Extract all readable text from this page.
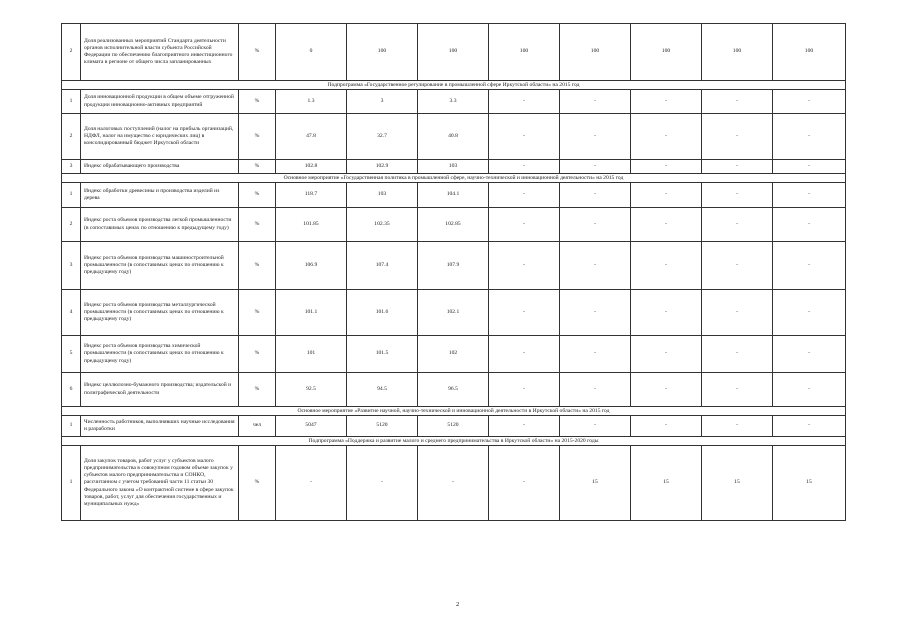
2	Доля реализованных мероприятий Стандарта деятельности органов исполнительной власти субъекта Российской Федерации по обеспечению благоприятного инвестиционного климата в регионе от общего числа запланированных	%	0	100	100	100	100	100	100	100
Подпрограмма «Государственное регулирование в промышленной сфере Иркутской области» на 2015 год										
1	Доля инновационной продукции в общем объеме отгруженной продукции инновационно-активных предприятий	%	1.3	3	3.3	-	-	-	-	-
2	Доля налоговых поступлений (налог на прибыль организаций, НДФЛ, налог на имущество с юридических лиц) в консолидированный бюджет Иркутской области	%	47.8	32.7	40.8	-	-	-	-	-
3	Индекс обрабатывающего производства	%	102.8	102.9	103	-	-	-	-	-
Основное мероприятие «Государственная политика в промышленной сфере, научно-технической и инновационной деятельности» на 2015 год										
1	Индекс обработки древесины и производства изделий из дерева	%	118.7	103	104.1	-	-	-	-	-
2	Индекс роста объемов производства легкой промышленности (в сопоставимых ценах по отношению к предыдущему году)	%	101.85	102.35	102.85	-	-	-	-	-
3	Индекс роста объемов производства машиностроительной промышленности (в сопоставимых ценах по отношению к предыдущему году)	%	106.9	107.4	107.9	-	-	-	-	-
4	Индекс роста объемов производства металлургической промышленности (в сопоставимых ценах по отношению к предыдущему году)	%	101.1	101.6	102.1	-	-	-	-	-
5	Индекс роста объемов производства химической промышленности (в сопоставимых ценах по отношению к предыдущему году)	%	101	101.5	102	-	-	-	-	-
6	Индекс целлюлозно-бумажного производства; издательской и полиграфической деятельности	%	92.5	94.5	96.5	-	-	-	-	-
Основное мероприятие «Развитие научной, научно-технической и инновационной деятельности в Иркутской области» на 2015 год										
1	Численность работников, выполнявших научные исследования и разработки	чел	5047	5120	5120	-	-	-	-	-
Подпрограмма «Поддержка и развитие малого и среднего предпринимательства в Иркутской области» на 2015-2020 годы										
1	Доля закупок товаров, работ услуг у субъектов малого предпринимательства в совокупном годовом объеме закупок у субъектов малого предпринимательства и СОНКО, рассчитанном с учетом требований части 11 статьи 30 Федерального закона «О контрактной системе в сфере закупок товаров, работ, услуг для обеспечения государственных и муниципальных нужд»	%	-	-	-	-	15	15	15	15
2
